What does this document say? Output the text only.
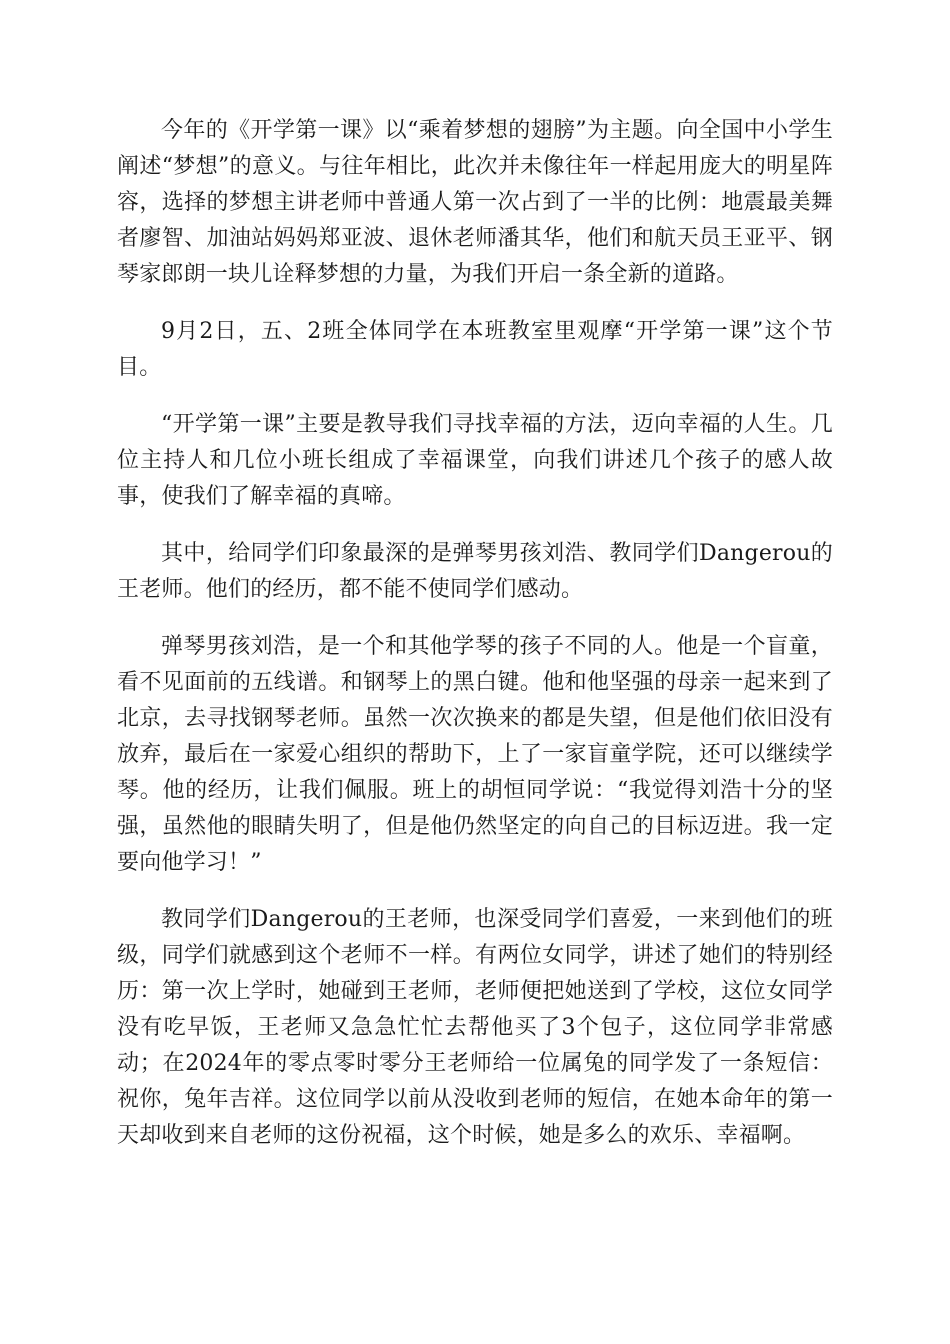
今年的《开学第一课》以“乘着梦想的翅膀”为主题。向全国中小学生阐述“梦想”的意义。与往年相比，此次并未像往年一样起用庞大的明星阵容，选择的梦想主讲老师中普通人第一次占到了一半的比例：地震最美舞者廖智、加油站妈妈郑亚波、退休老师潘其华，他们和航天员王亚平、钢琴家郎朗一块儿诠释梦想的力量，为我们开启一条全新的道路。

9月2日，五、2班全体同学在本班教室里观摩“开学第一课”这个节目。

“开学第一课”主要是教导我们寻找幸福的方法，迈向幸福的人生。几位主持人和几位小班长组成了幸福课堂，向我们讲述几个孩子的感人故事，使我们了解幸福的真啼。

其中，给同学们印象最深的是弹琴男孩刘浩、教同学们Dangerou的王老师。他们的经历，都不能不使同学们感动。

弹琴男孩刘浩，是一个和其他学琴的孩子不同的人。他是一个盲童，看不见面前的五线谱。和钢琴上的黑白键。他和他坚强的母亲一起来到了北京，去寻找钢琴老师。虽然一次次换来的都是失望，但是他们依旧没有放弃，最后在一家爱心组织的帮助下，上了一家盲童学院，还可以继续学琴。他的经历，让我们佩服。班上的胡恒同学说：“我觉得刘浩十分的坚强，虽然他的眼睛失明了，但是他仍然坚定的向自己的目标迈进。我一定要向他学习！”

教同学们Dangerou的王老师，也深受同学们喜爱，一来到他们的班级，同学们就感到这个老师不一样。有两位女同学，讲述了她们的特别经历：第一次上学时，她碰到王老师，老师便把她送到了学校，这位女同学没有吃早饭，王老师又急急忙忙去帮他买了3个包子，这位同学非常感动；在2024年的零点零时零分王老师给一位属兔的同学发了一条短信：祝你，兔年吉祥。这位同学以前从没收到老师的短信，在她本命年的第一天却收到来自老师的这份祝福，这个时候，她是多么的欢乐、幸福啊。
